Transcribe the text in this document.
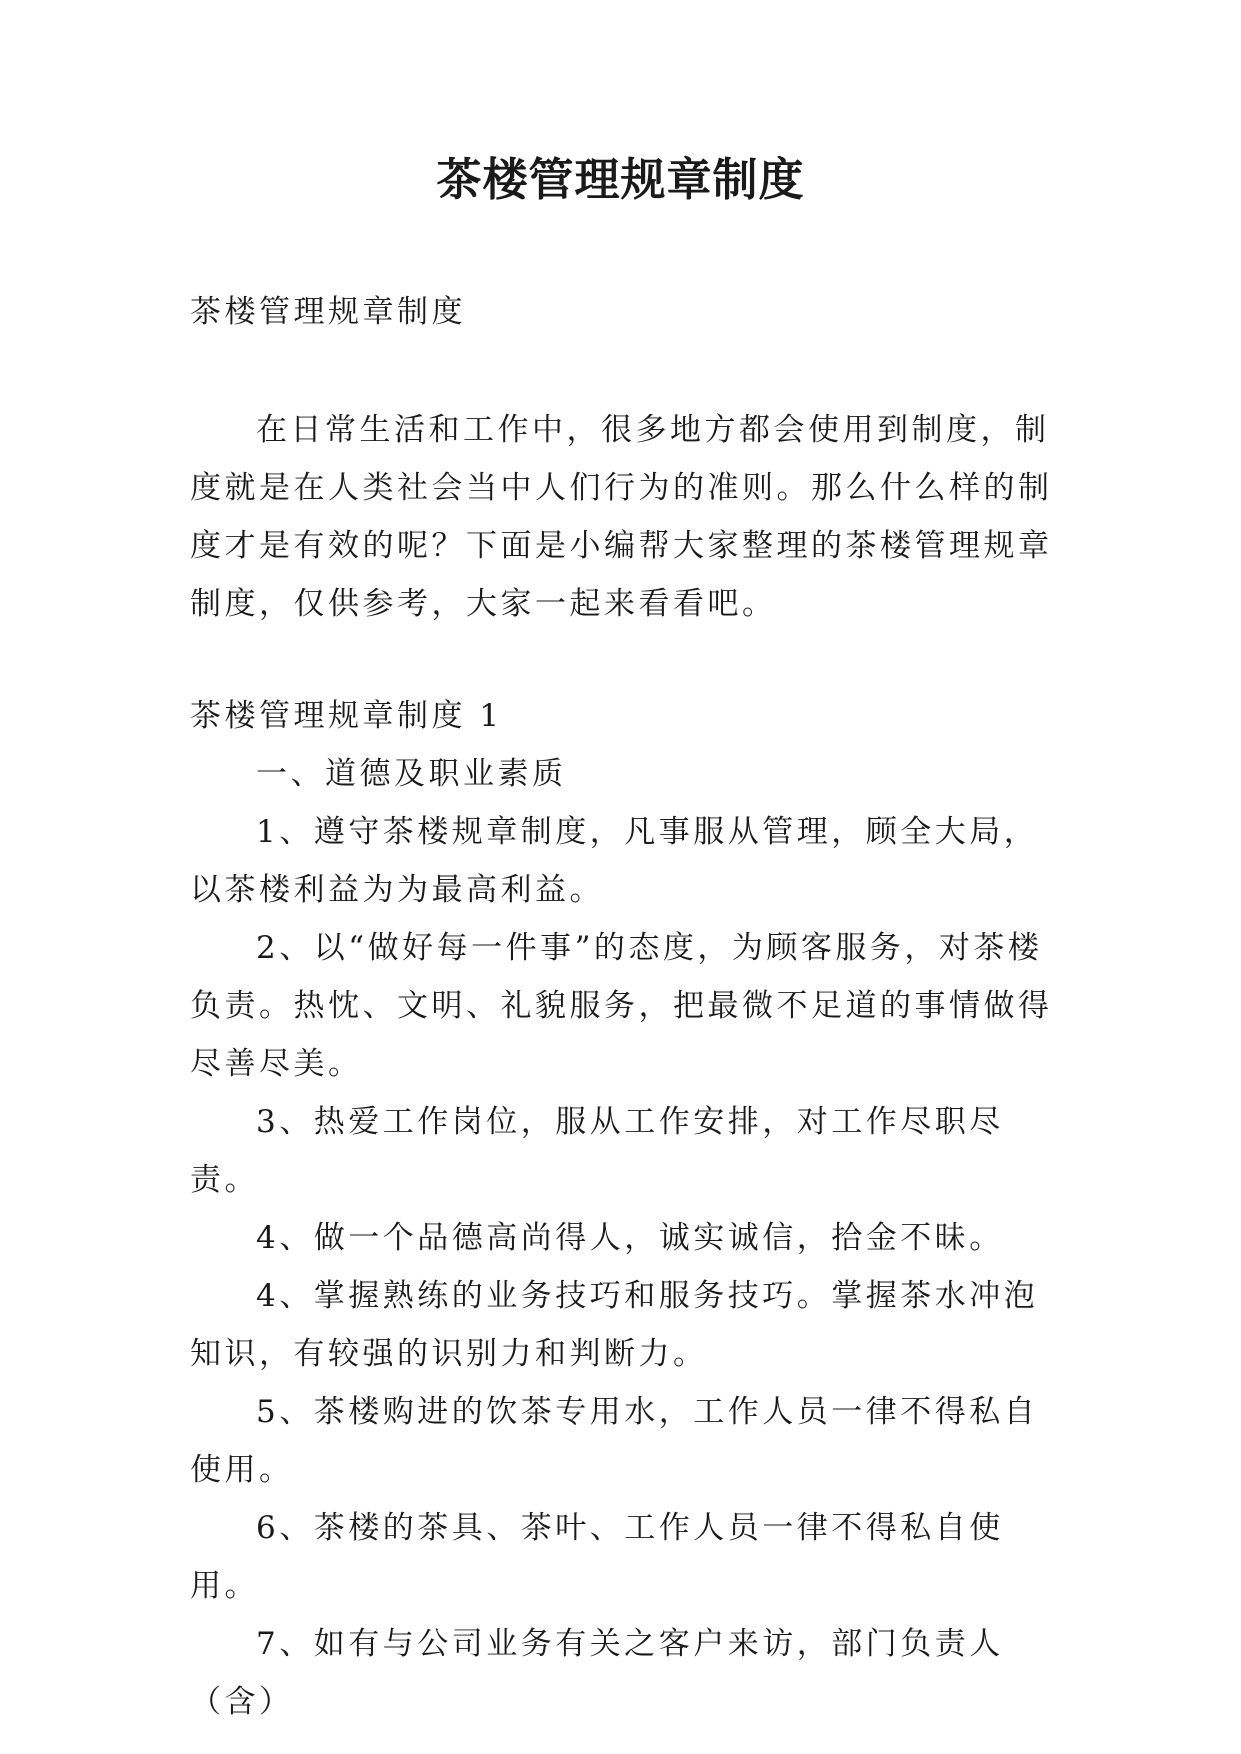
茶楼管理规章制度

茶楼管理规章制度

在日常生活和工作中，很多地方都会使用到制度，制度就是在人类社会当中人们行为的准则。那么什么样的制度才是有效的呢？下面是小编帮大家整理的茶楼管理规章制度，仅供参考，大家一起来看看吧。

茶楼管理规章制度 1

一、道德及职业素质

1、遵守茶楼规章制度，凡事服从管理，顾全大局，以茶楼利益为为最高利益。

2、以“做好每一件事”的态度，为顾客服务，对茶楼负责。热忱、文明、礼貌服务，把最微不足道的事情做得尽善尽美。

3、热爱工作岗位，服从工作安排，对工作尽职尽责。

4、做一个品德高尚得人，诚实诚信，拾金不昧。

4、掌握熟练的业务技巧和服务技巧。掌握茶水冲泡知识，有较强的识别力和判断力。

5、茶楼购进的饮茶专用水，工作人员一律不得私自使用。

6、茶楼的茶具、茶叶、工作人员一律不得私自使用。

7、如有与公司业务有关之客户来访，部门负责人（含）
